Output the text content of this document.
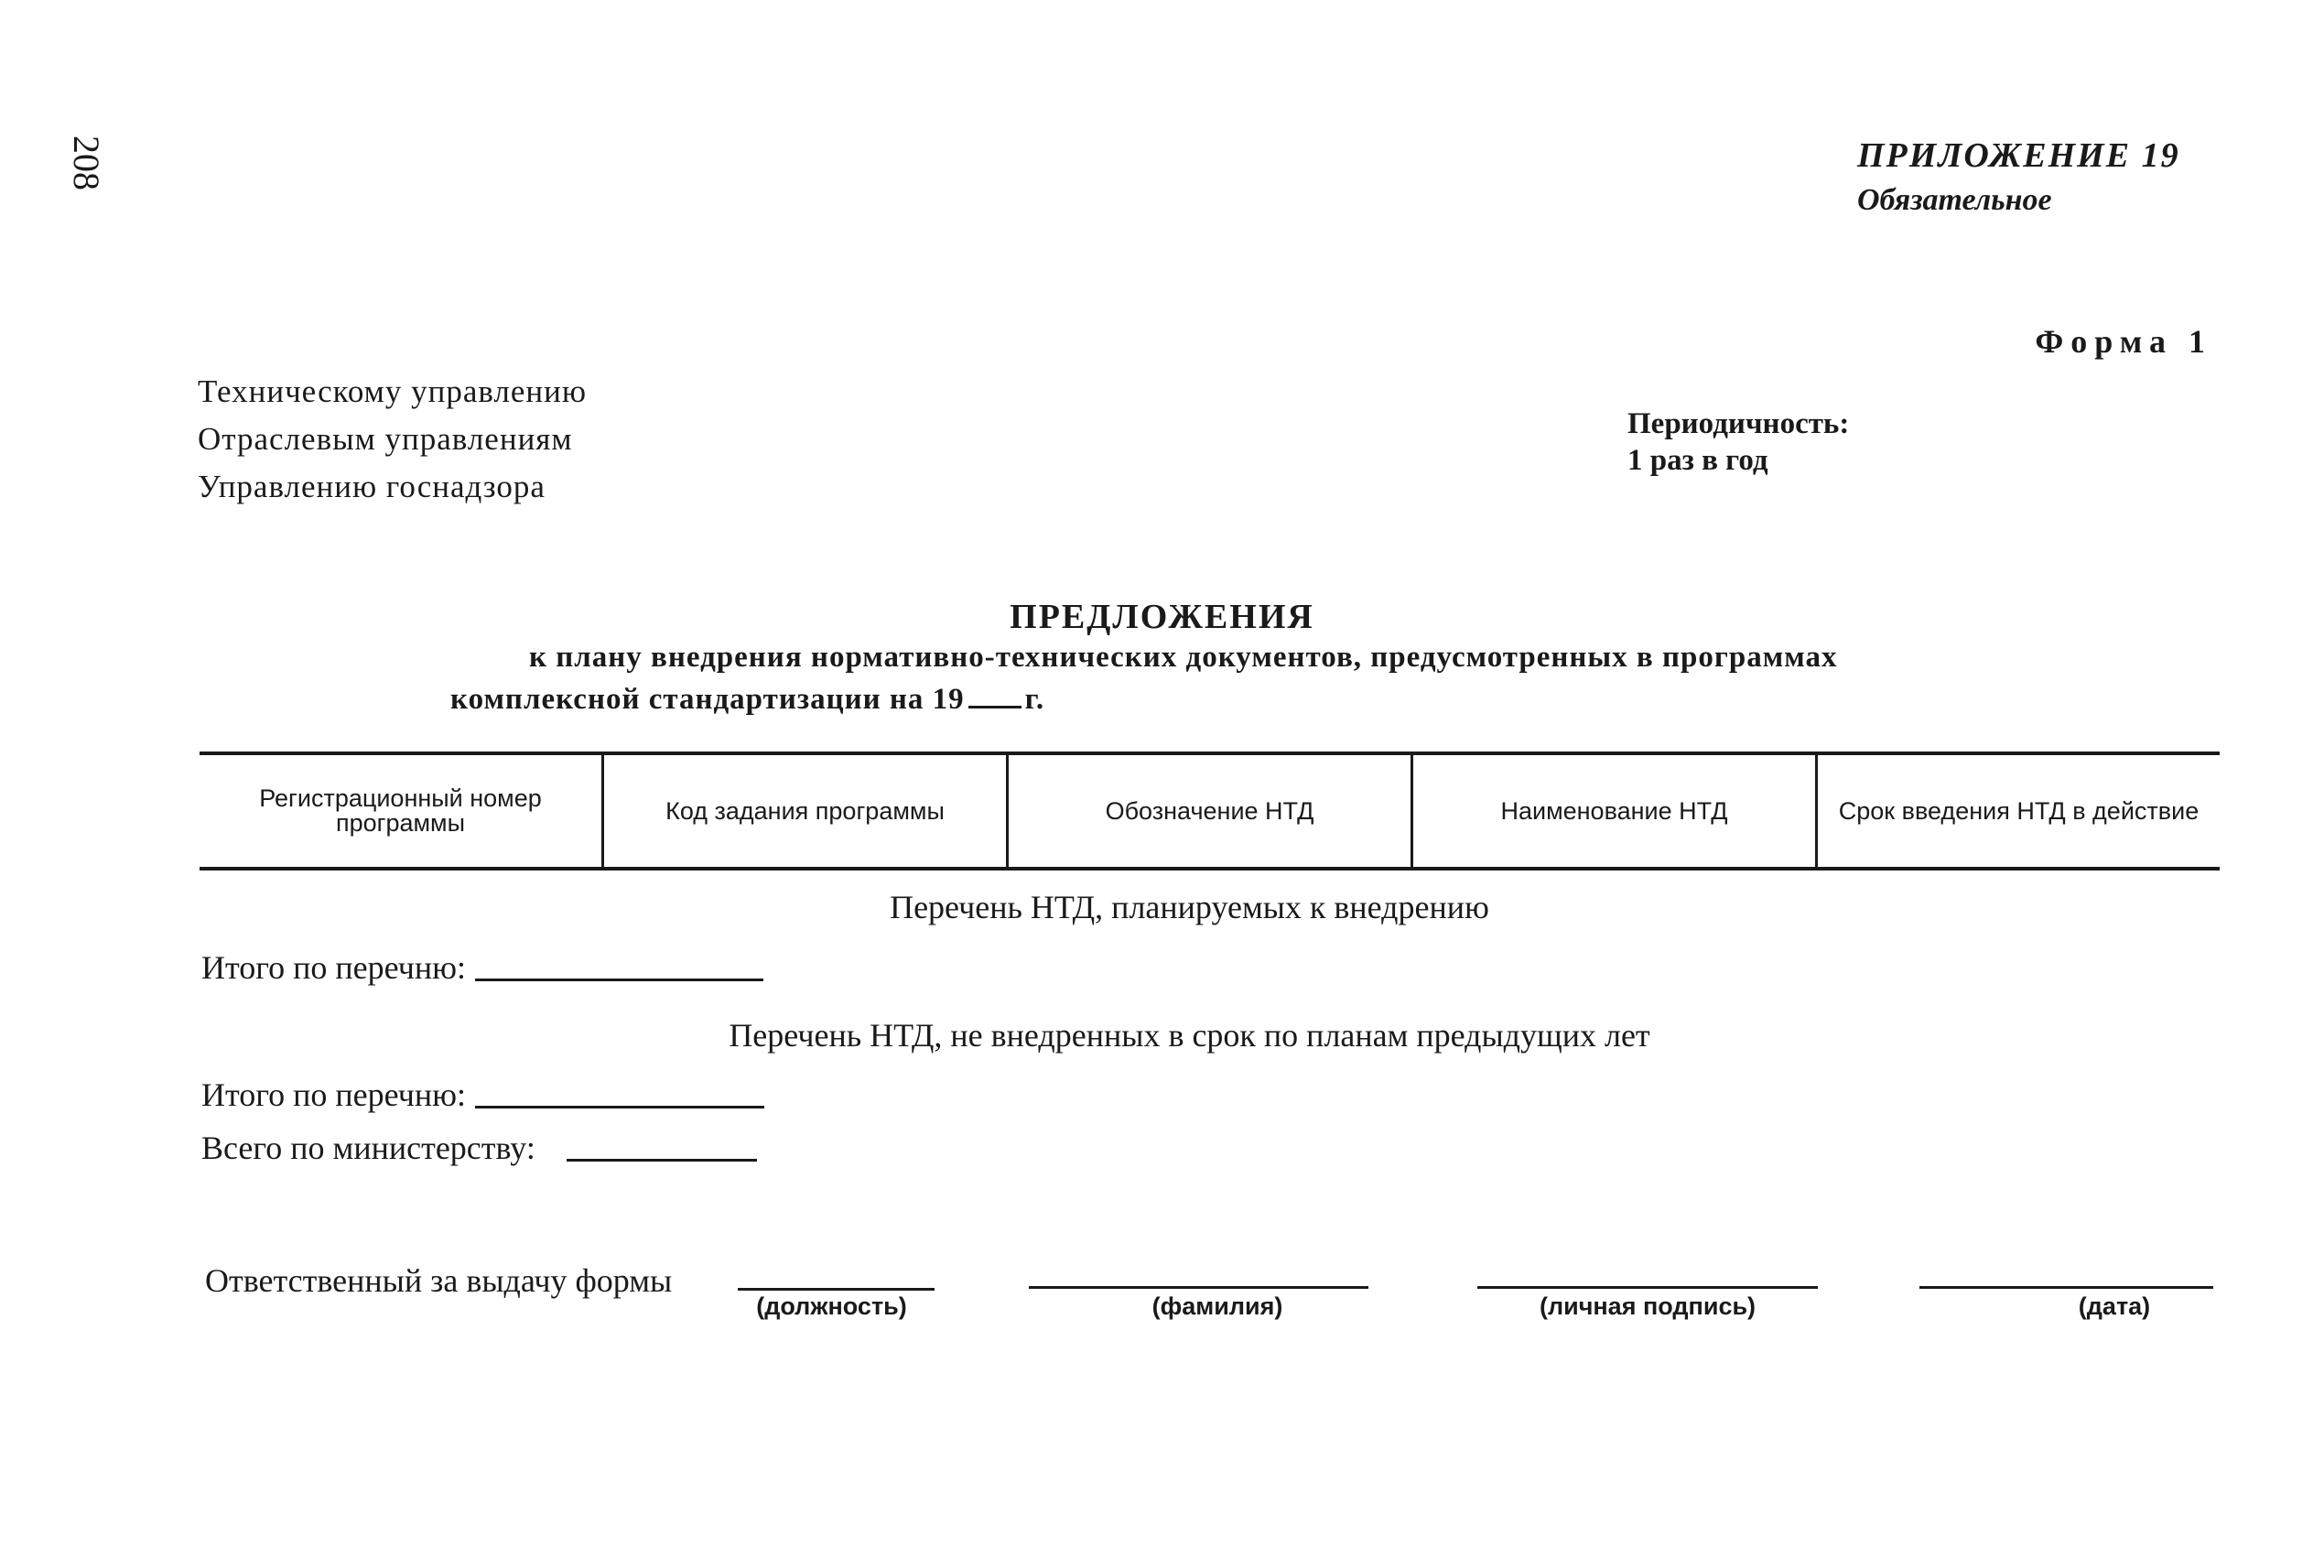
208	ПРИЛОЖЕНИЕ 19
Обязательное
Форма 1
Техническому управлению
Отраслевым управлениям
Управлению госнадзора
Периодичность:
1 раз в год
ПРЕДЛОЖЕНИЯ
к плану внедрения нормативно-технических документов, предусмотренных в программах
комплексной стандартизации на 19 г.
Регистрационный номер программы	Код задания программы	Обозначение НТД	Наименование НТД	Срок введения НТД в действие
Перечень НТД, планируемых к внедрению
Итого по перечню:
Перечень НТД, не внедренных в срок по планам предыдущих лет
Итого по перечню:
Всего по министерству:
Ответственный за выдачу формы
(должность)	(фамилия)	(личная подпись)	(дата)
